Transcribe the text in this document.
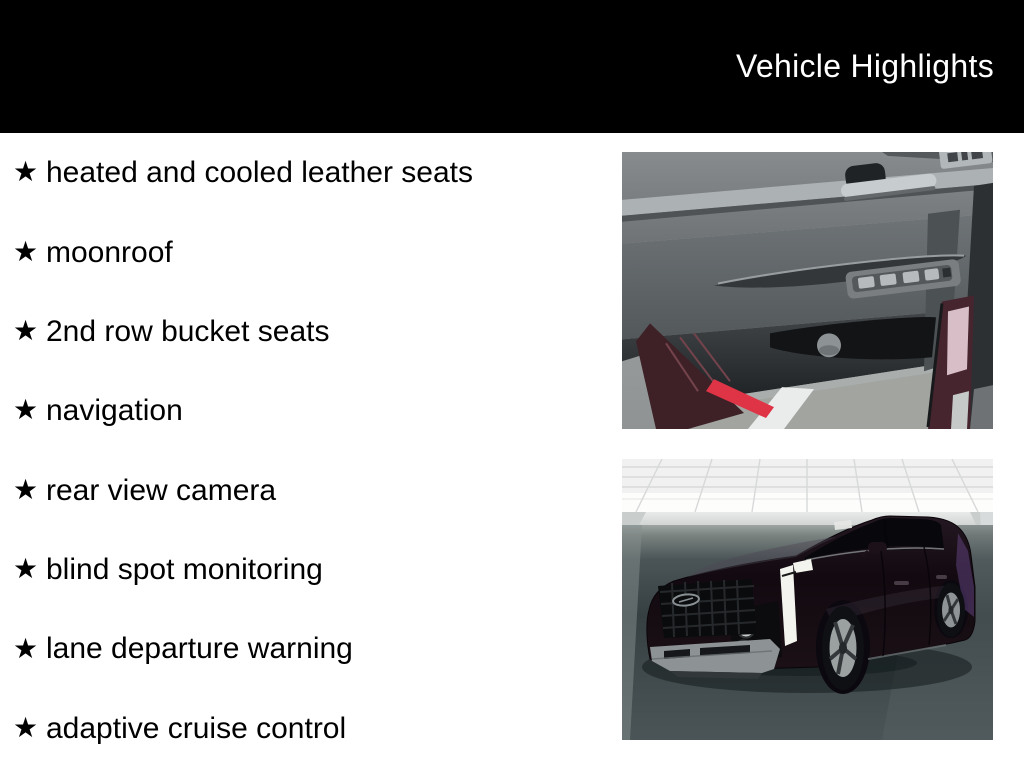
Vehicle Highlights
★ heated and cooled leather seats
★ moonroof
★ 2nd row bucket seats
★ navigation
★ rear view camera
★ blind spot monitoring
★ lane departure warning
★ adaptive cruise control
